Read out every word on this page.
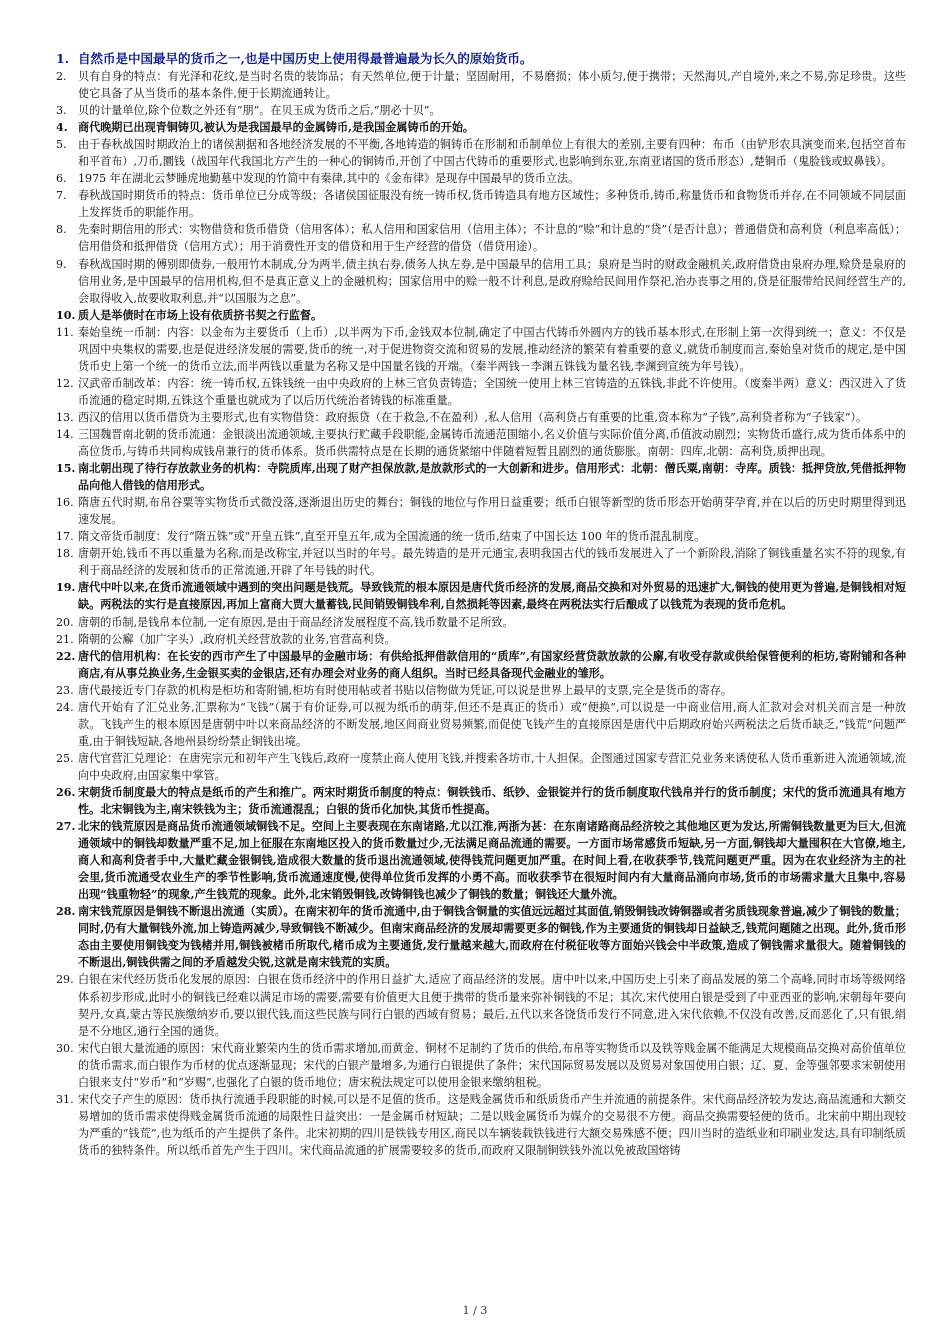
1. 自然币是中国最早的货币之一,也是中国历史上使用得最普遍最为长久的原始货币。
2.	贝有自身的特点：有光泽和花纹,是当时名贵的装饰品；有天然单位,便于计量；坚固耐用，不易磨损；体小质匀,便于携带；天然海贝,产自境外,来之不易,弥足珍贵。这些使它具备了从当货币的基本条件,便于长期流通转让。
3.	贝的计量单位,除个位数之外还有“朋”。在贝玉成为货币之后,“朋必十贝”。
4. 商代晚期已出现青铜铸贝,被认为是我国最早的金属铸币,是我国金属铸币的开始。
5.	由于春秋战国时期政治上的诸侯割据和各地经济发展的不平衡,各地铸造的铜铸币在形制和币制单位上有很大的差别,主要有四种：布币（由铲形农具演变而来,包括空首布和平首布）,刀币,圜钱（战国年代我国北方产生的一种心的铜铸币,开创了中国古代铸币的重要形式,也影响到东亚,东南亚诸国的货币形态）,楚铜币（鬼脸钱或蚁鼻钱）。
6.	1975 年在湖北云梦睡虎地勤墓中发现的竹简中有秦律,其中的《金布律》是现存中国最早的货币立法。
7.	春秋战国时期货币的特点：货币单位已分成等级；各诸侯国征服没有统一铸币权,货币铸造具有地方区域性；多种货币,铸币,称量货币和食物货币并存,在不同领域不同层面上发挥货币的职能作用。
8.	先秦时期信用的形式：实物借贷和货币借贷（信用客体）；私人信用和国家信用（信用主体）；不计息的“赊”和计息的“贷”（是否计息）；普通借贷和高利贷（利息率高低）；信用借贷和抵押借贷（信用方式）；用于消费性开支的借贷和用于生产经营的借贷（借贷用途）。
9.	春秋战国时期的傅别即债券,一般用竹木制成,分为两半,债主执右券,债务人执左券,是中国最早的信用工具；泉府是当时的财政金融机关,政府借贷由泉府办理,赊贷是泉府的信用业务,是中国最早的信用机构,但不是真正意义上的金融机构；国家信用中的赊一般不计利息,是政府赊给民间用作祭祀,治办丧事之用的,贷是征服带给民间经营生产的,会取得收入,故要收取利息,并“以国服为之息”。
10. 质人是举债时在市场上设有依质挤书契之行监督。
11. 秦始皇统一币制：内容：以金布为主要货币（上币）,以半两为下币,金钱双本位制,确定了中国古代铸币外圆内方的钱币基本形式,在形制上第一次得到统一；意义：不仅是巩固中央集权的需要,也是促进经济发展的需要,货币的统一,对于促进物资交流和贸易的发展,推动经济的繁荣有着重要的意义,就货币制度而言,秦始皇对货币的规定,是中国货币史上第一个统一的货币立法,而半两钱以重量为名称又是中国量名钱的开端。（秦半两钱－李渊五铢钱为量名钱,李渊到宣统为年号钱）。
12. 汉武帝币制改革：内容：统一铸币权,五铢钱统一由中央政府的上林三官负责铸造；全国统一使用上林三官铸造的五铢钱,非此不许使用。（废秦半两）意义：西汉进入了货币流通的稳定时期,五铢这个重量也就成为了以后历代统治者铸钱的标准重量。
13. 西汉的信用以货币借贷为主要形式,也有实物借贷：政府振贷（在于救急,不在盈利）,私人信用（高利贷占有重要的比重,资本称为“子钱”,高利贷者称为“子钱家”）。
14. 三国魏晋南北朝的货币流通：金银淡出流通领域,主要执行贮藏手段职能,金属铸币流通范围缩小,名义价值与实际价值分离,币值波动剧烈；实物货币盛行,成为货币体系中的高位货币,与铸币共同构成钱帛兼行的货币体系。货币供需特点是在长期的通货紧缩中伴随着短暂且剧烈的通货膨胀。南朝：四库,北朝：高利贷,质押出现。
15. 南北朝出现了待行存放款业务的机构：寺院质库,出现了财产担保放款,是放款形式的一大创新和进步。信用形式：北朝：僧氏粟,南朝：寺库。质钱：抵押贷放,凭借抵押物品向他人借钱的信用形式。
16. 隋唐五代时期,布帛谷粟等实物货币式微没落,逐渐退出历史的舞台；铜钱的地位与作用日益重要；纸币白银等新型的货币形态开始萌芽孕育,并在以后的历史时期里得到迅速发展。
17. 隋文帝货币制度：发行“隋五铢”或“开皇五铢”,直至开皇五年,成为全国流通的统一货币,结束了中国长达 100 年的货币混乱制度。
18. 唐朝开始,钱币不再以重量为名称,而是改称宝,并冠以当时的年号。最先铸造的是开元通宝,表明我国古代的钱币发展进入了一个新阶段,消除了铜钱重量名实不符的现象,有利于商品经济的发展和货币的正常流通,开辟了年号钱的时代。
19. 唐代中叶以来,在货币流通领域中遇到的突出问题是钱荒。导致钱荒的根本原因是唐代货币经济的发展,商品交换和对外贸易的迅速扩大,铜钱的使用更为普遍,是铜钱相对短缺。两税法的实行是直接原因,再加上富商大贾大量蓄钱,民间销毁铜钱牟利,自然损耗等因素,最终在两税法实行后酿成了以钱荒为表现的货币危机。
20. 唐朝的币制,是钱帛本位制,一定有原因,是由于商品经济发展程度不高,钱币数量不足所致。
21. 隋朝的公廨（加广字头）,政府机关经营放款的业务,官营高利贷。
22. 唐代的信用机构：在长安的西市产生了中国最早的金融市场：有供给抵押借款信用的“质库”,有国家经营贷款放款的公廨,有收受存款或供给保管便利的柜坊,寄附铺和各种商店,有从事兑换业务,生金银买卖的金银店,还有办理会对业务的商人组织。当时已经具备现代金融业的雏形。
23. 唐代最接近专门存款的机构是柜坊和寄附铺,柜坊有时使用帖或者书贴以信物做为凭证,可以说是世界上最早的支票,完全是货币的寄存。
24. 唐代开始有了汇兑业务,汇票称为“飞钱”（属于有价证券,可以视为纸币的萌芽,但还不是真正的货币）或“便换”,可以说是一中商业信用,商人汇款对会对机关而言是一种放款。飞钱产生的根本原因是唐朝中叶以来商品经济的不断发展,地区间商业贸易频繁,而促使飞钱产生的直接原因是唐代中后期政府始兴两税法之后货币缺乏,“钱荒”问题严重,由于铜钱短缺,各地州县纷纷禁止铜钱出境。
25. 唐代官营汇兑理论：在唐宪宗元和初年产生飞钱后,政府一度禁止商人使用飞钱,并搜索各坊市,十人担保。企图通过国家专营汇兑业务来诱使私人货币重新进入流通领域,流向中央政府,由国家集中掌管。
26. 宋朝货币制度最大的特点是纸币的产生和推广。两宋时期货币制度的特点：铜铁钱币、纸钞、金银锭并行的货币制度取代钱帛并行的货币制度；宋代的货币流通具有地方性。北宋铜钱为主,南宋铁钱为主；货币流通混乱；白银的货币化加快,其货币性提高。
27. 北宋的钱荒原因是商品货币流通领域铜钱不足。空间上主要表现在东南诸路,尤以江淮,两浙为甚：在东南诸路商品经济较之其他地区更为发达,所需铜钱数量更为巨大,但流通领域中的铜钱却数量严重不足,加上征服在东南地区投入的货币数量过少,无法满足商品流通的需要。一方面市场常感货币短缺,另一方面,铜钱却大量囤积在大官僚,地主,商人和高利贷者手中,大量贮藏金银铜钱,造成很大数量的货币退出流通领域,使得钱荒问题更加严重。在时间上看,在收获季节,钱荒问题更严重。因为在农业经济为主的社会里,货币流通受农业生产的季节性影响,货币流通速度慢,使得单位货币发挥的小勇不高。而收获季节在很短时间内有大量商品涌向市场,货币的市场需求量大且集中,容易出现“钱重物轻”的现象,产生钱荒的现象。此外,北宋销毁铜钱,改铸铜钱也减少了铜钱的数量；铜钱还大量外流。
28. 南宋钱荒原因是铜钱不断退出流通（实质）。在南宋初年的货币流通中,由于铜钱含铜量的实值远远超过其面值,销毁铜钱改铸铜器或者劣质钱现象普遍,减少了铜钱的数量；同时,仍有大量铜钱外流,加上铸造两减少,导致铜钱不断减少。但南宋商品经济的发展却需要更多的铜钱,作为主要通货的铜钱却日益缺乏,钱荒问题随之出现。此外,货币形态由主要使用铜钱变为钱楮并用,铜钱被楮币所取代,楮币成为主要通货,发行量越来越大,而政府在付税征收等方面始兴钱会中半政策,造成了铜钱需求量很大。随着铜钱的不断退出,铜钱供需之间的矛盾越发尖锐,这就是南宋钱荒的实质。
29. 白银在宋代经历货币化发展的原因：白银在货币经济中的作用日益扩大,适应了商品经济的发展。唐中叶以来,中国历史上引来了商品发展的第二个高峰,同时市场等级网络体系初步形成,此时小的铜钱已经难以满足市场的需要,需要有价值更大且便于携带的货币量来弥补铜钱的不足；其次,宋代使用白银是受到了中亚西亚的影响,宋朝每年要向契丹,女真,蒙古等民族缴纳岁币,要以银代钱,而这些民族与同行白银的西域有贸易；最后,五代以来各饶货币发行不同意,进入宋代依赖,不仅没有改善,反而恶化了,只有银,绢是不分地区,通行全国的通货。
30. 宋代白银大量流通的原因：宋代商业繁荣内生的货币需求增加,而黄金、铜材不足制约了货币的供给,布帛等实物货币以及铁等贱金属不能满足大规模商品交换对高价值单位的货币需求,而白银作为币材的优点逐渐显现；宋代的白银产量增多,为通行白银提供了条件；宋代国际贸易发展以及贸易对象国使用白银；辽、夏、金等强邻要求宋朝使用白银来支付“岁币”和“岁赐”,也强化了白银的货币地位；唐宋税法规定可以使用金银来缴纳租税。
31. 宋代交子产生的原因：货币执行流通手段职能的时候,可以是不足值的货币。这是贱金属货币和纸质货币产生并流通的前提条件。宋代商品经济较为发达,商品流通和大额交易增加的货币需求使得贱金属货币流通的局限性日益突出：一是金属币材短缺；二是以贱金属货币为媒介的交易很不方便。商品交换需要轻便的货币。北宋前中期出现较为严重的“钱荒”,也为纸币的产生提供了条件。北宋初期的四川是铁钱专用区,商民以车辆装载铁钱进行大额交易殊感不便；四川当时的造纸业和印刷业发达,具有印制纸质货币的独特条件。所以纸币首先产生于四川。宋代商品流通的扩展需要较多的货币,而政府又限制铜铁钱外流以免被敌国熔铸
1 / 3
